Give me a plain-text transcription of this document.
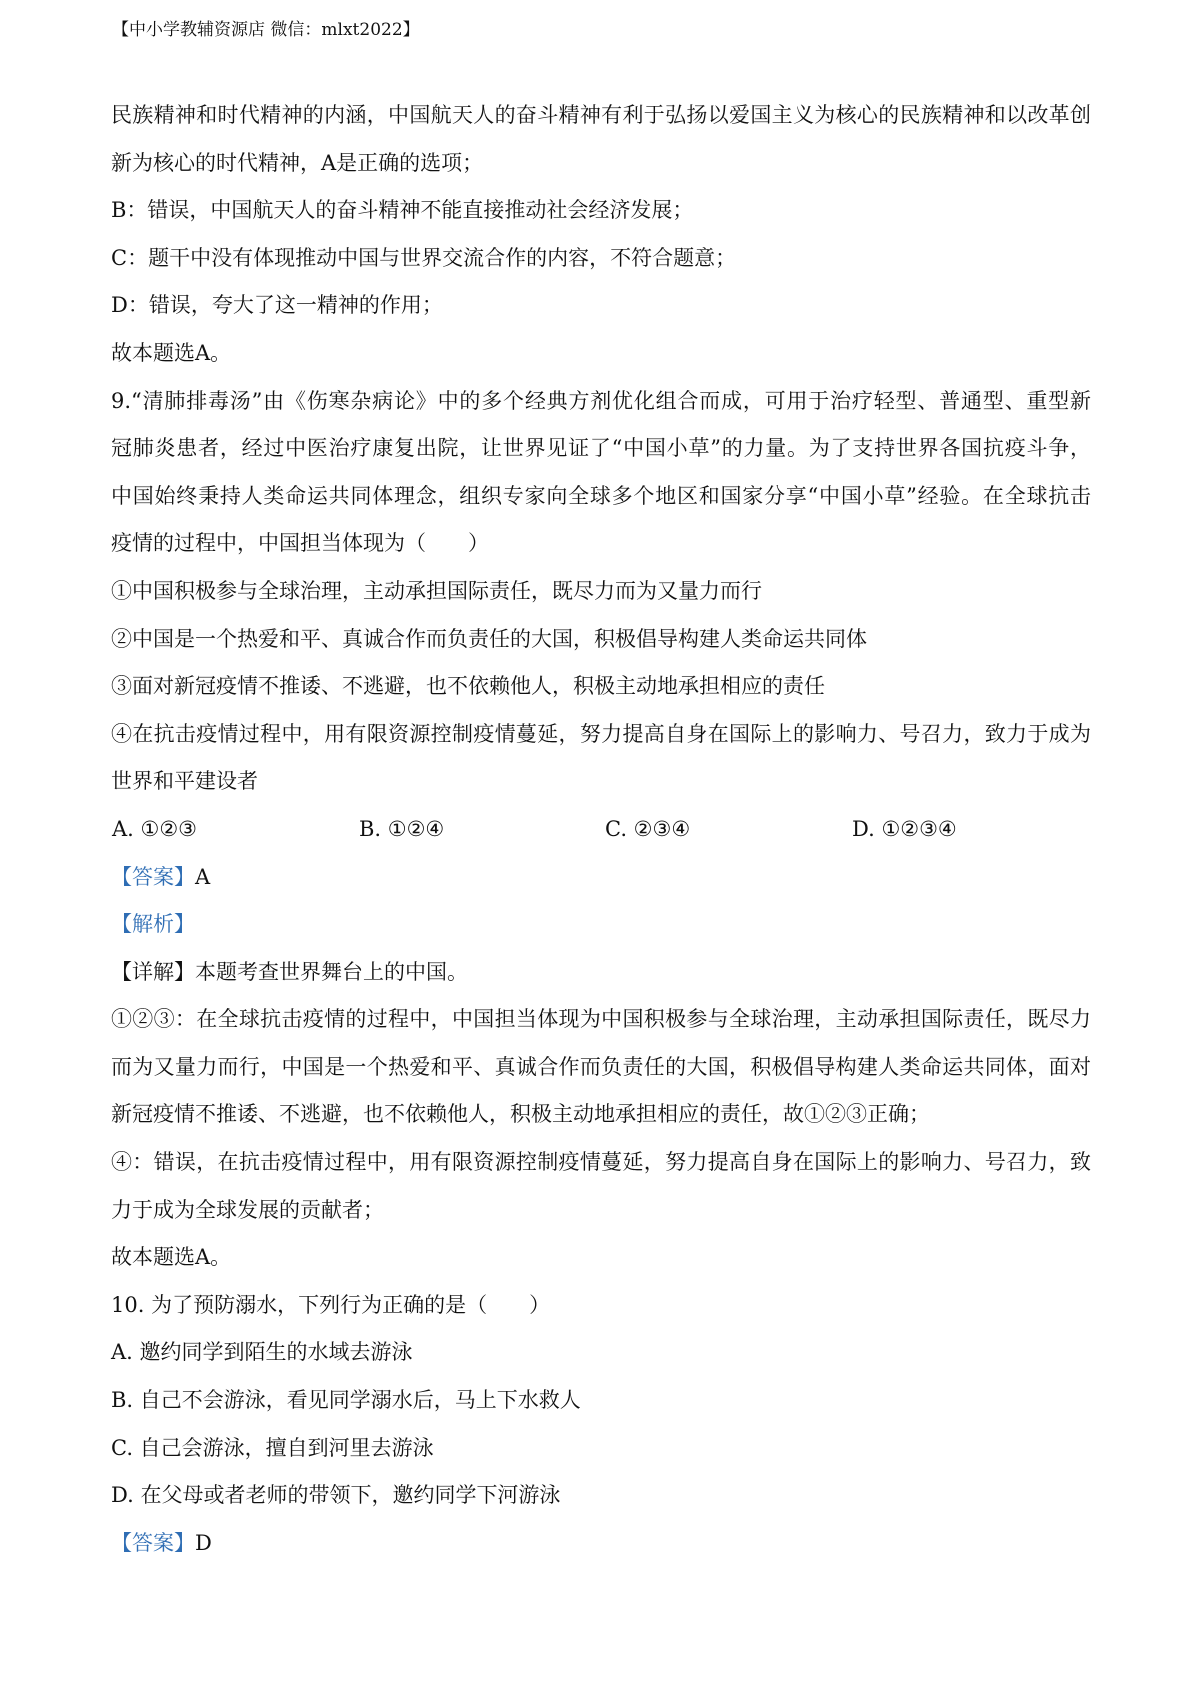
【中小学教辅资源店 微信：mlxt2022】
民族精神和时代精神的内涵，中国航天人的奋斗精神有利于弘扬以爱国主义为核心的民族精神和以改革创
新为核心的时代精神，A是正确的选项；
B：错误，中国航天人的奋斗精神不能直接推动社会经济发展；
C：题干中没有体现推动中国与世界交流合作的内容，不符合题意；
D：错误，夸大了这一精神的作用；
故本题选A。
9.“清肺排毒汤”由《伤寒杂病论》中的多个经典方剂优化组合而成，可用于治疗轻型、普通型、重型新
冠肺炎患者，经过中医治疗康复出院，让世界见证了“中国小草”的力量。为了支持世界各国抗疫斗争，
中国始终秉持人类命运共同体理念，组织专家向全球多个地区和国家分享“中国小草”经验。在全球抗击
疫情的过程中，中国担当体现为（　　）
①中国积极参与全球治理，主动承担国际责任，既尽力而为又量力而行
②中国是一个热爱和平、真诚合作而负责任的大国，积极倡导构建人类命运共同体
③面对新冠疫情不推诿、不逃避，也不依赖他人，积极主动地承担相应的责任
④在抗击疫情过程中，用有限资源控制疫情蔓延，努力提高自身在国际上的影响力、号召力，致力于成为
世界和平建设者
A. ①②③	B. ①②④	C. ②③④	D. ①②③④
【答案】A
【解析】
【详解】本题考查世界舞台上的中国。
①②③：在全球抗击疫情的过程中，中国担当体现为中国积极参与全球治理，主动承担国际责任，既尽力
而为又量力而行，中国是一个热爱和平、真诚合作而负责任的大国，积极倡导构建人类命运共同体，面对
新冠疫情不推诿、不逃避，也不依赖他人，积极主动地承担相应的责任，故①②③正确；
④：错误，在抗击疫情过程中，用有限资源控制疫情蔓延，努力提高自身在国际上的影响力、号召力，致
力于成为全球发展的贡献者；
故本题选A。
10. 为了预防溺水，下列行为正确的是（　　）
A. 邀约同学到陌生的水域去游泳
B. 自己不会游泳，看见同学溺水后，马上下水救人
C. 自己会游泳，擅自到河里去游泳
D. 在父母或者老师的带领下，邀约同学下河游泳
【答案】D
